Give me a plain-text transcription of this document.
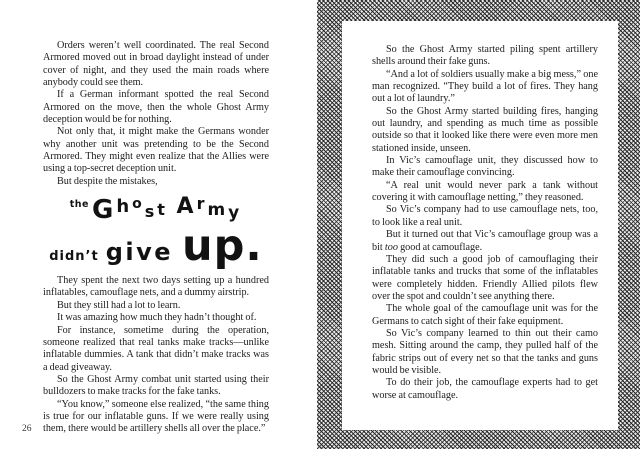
Orders weren’t well coordinated. The real Second Armored moved out in broad daylight instead of under cover of night, and they used the main roads where anybody could see them.

If a German informant spotted the real Second Armored on the move, then the whole Ghost Army deception would be for nothing.

Not only that, it might make the Germans wonder why another unit was pretending to be the Second Armored. They might even realize that the Allies were using a top-secret deception unit.

But despite the mistakes,

the Ghost Army
didn’t give up.

They spent the next two days setting up a hundred inflatables, camouflage nets, and a dummy airstrip.

But they still had a lot to learn.

It was amazing how much they hadn’t thought of.

For instance, sometime during the operation, someone realized that real tanks make tracks—unlike inflatable dummies. A tank that didn’t make tracks was a dead giveaway.

So the Ghost Army combat unit started using their bulldozers to make tracks for the fake tanks.

“You know,” someone else realized, “the same thing is true for our inflatable guns. If we were really using them, there would be artillery shells all over the place.”

26

So the Ghost Army started piling spent artillery shells around their fake guns.

“And a lot of soldiers usually make a big mess,” one man recognized. “They build a lot of fires. They hang out a lot of laundry.”

So the Ghost Army started building fires, hanging out laundry, and spending as much time as possible outside so that it looked like there were even more men stationed inside, unseen.

In Vic’s camouflage unit, they discussed how to make their camouflage convincing.

“A real unit would never park a tank without covering it with camouflage netting,” they reasoned.

So Vic’s company had to use camouflage nets, too, to look like a real unit.

But it turned out that Vic’s camouflage group was a bit too good at camouflage.

They did such a good job of camouflaging their inflatable tanks and trucks that some of the inflatables were completely hidden. Friendly Allied pilots flew over the spot and couldn’t see anything there.

The whole goal of the camouflage unit was for the Germans to catch sight of their fake equipment.

So Vic’s company learned to thin out their camo mesh. Sitting around the camp, they pulled half of the fabric strips out of every net so that the tanks and guns would be visible.

To do their job, the camouflage experts had to get worse at camouflage.
